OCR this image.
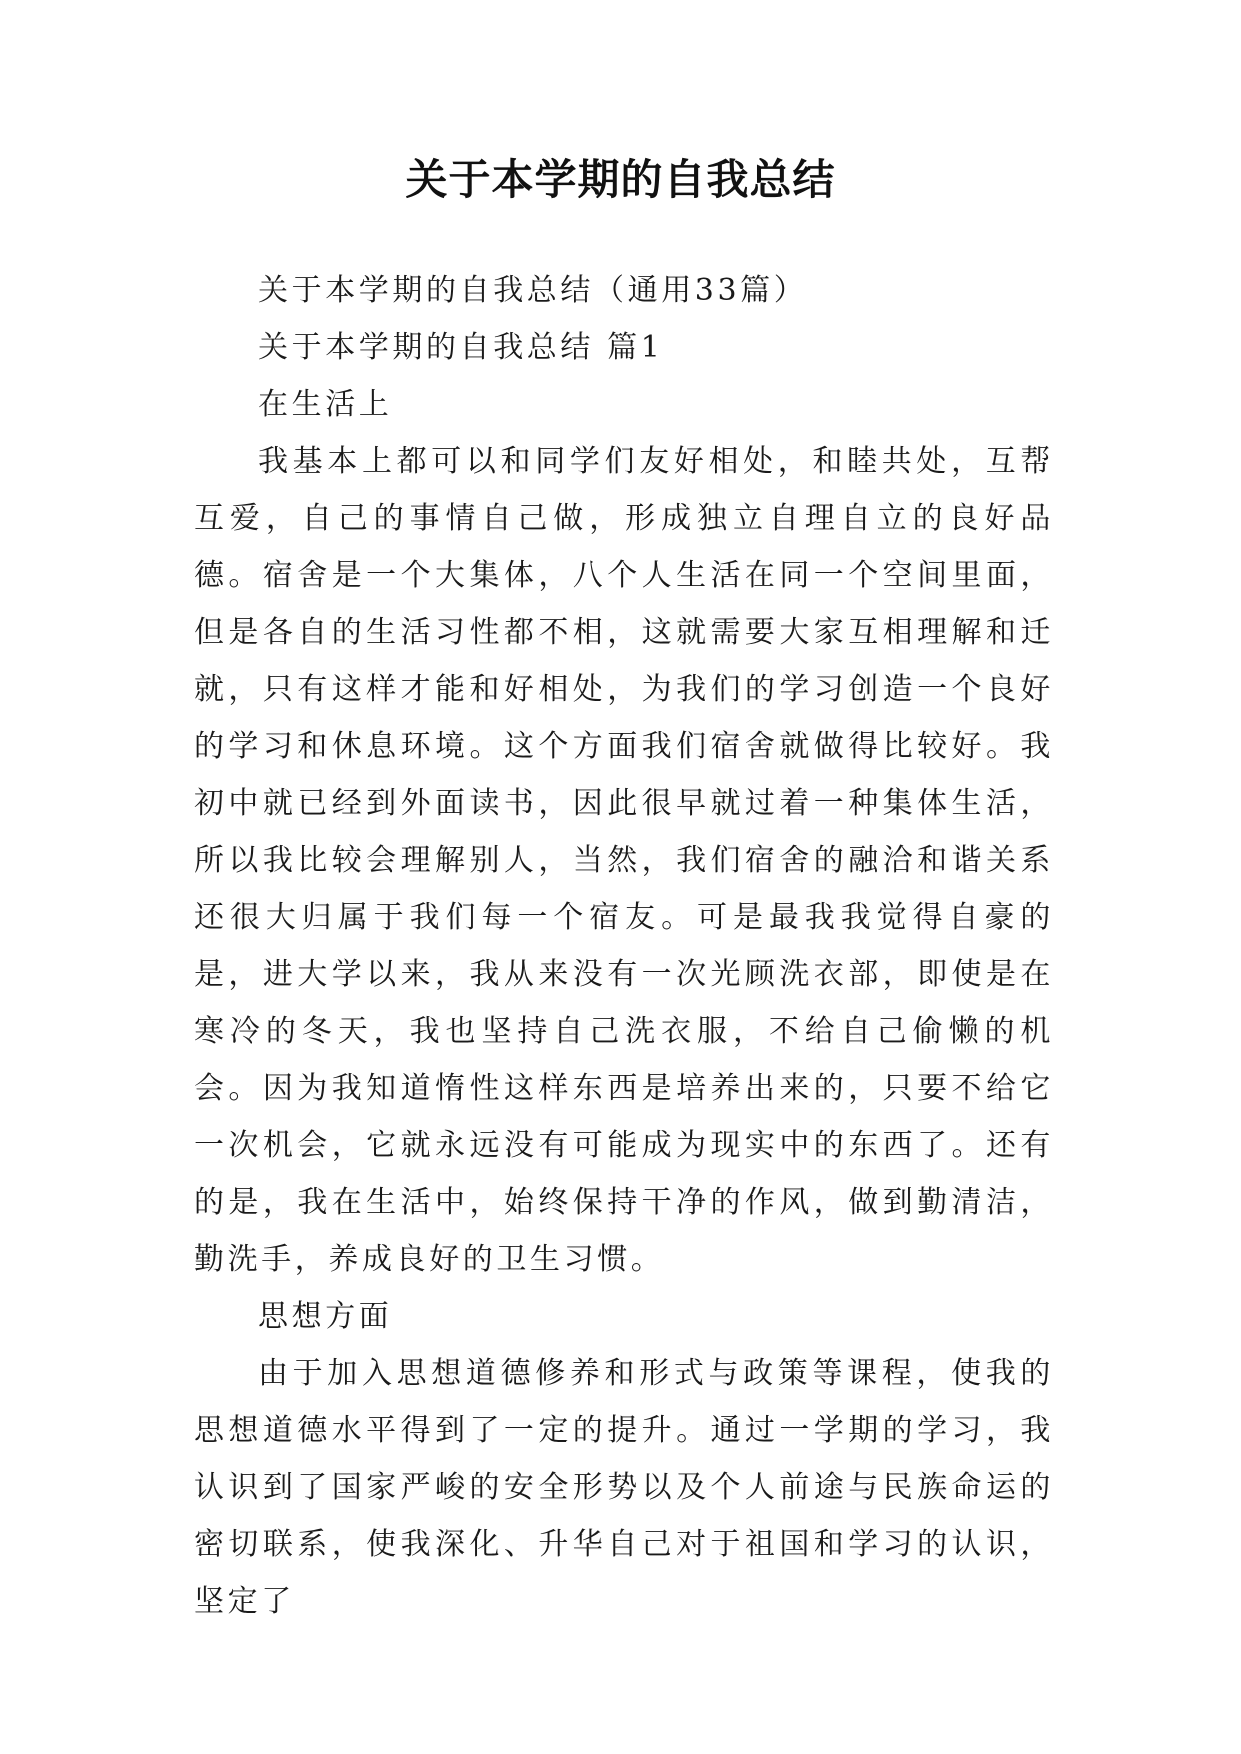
关于本学期的自我总结

关于本学期的自我总结（通用33篇）

关于本学期的自我总结 篇1

在生活上

我基本上都可以和同学们友好相处，和睦共处，互帮互爱，自己的事情自己做，形成独立自理自立的良好品德。宿舍是一个大集体，八个人生活在同一个空间里面，但是各自的生活习性都不相，这就需要大家互相理解和迁就，只有这样才能和好相处，为我们的学习创造一个良好的学习和休息环境。这个方面我们宿舍就做得比较好。我初中就已经到外面读书，因此很早就过着一种集体生活，所以我比较会理解别人，当然，我们宿舍的融洽和谐关系还很大归属于我们每一个宿友。可是最我我觉得自豪的是，进大学以来，我从来没有一次光顾洗衣部，即使是在寒冷的冬天，我也坚持自己洗衣服，不给自己偷懒的机会。因为我知道惰性这样东西是培养出来的，只要不给它一次机会，它就永远没有可能成为现实中的东西了。还有的是，我在生活中，始终保持干净的作风，做到勤清洁，勤洗手，养成良好的卫生习惯。

思想方面

由于加入思想道德修养和形式与政策等课程，使我的思想道德水平得到了一定的提升。通过一学期的学习，我认识到了国家严峻的安全形势以及个人前途与民族命运的密切联系，使我深化、升华自己对于祖国和学习的认识，坚定了
